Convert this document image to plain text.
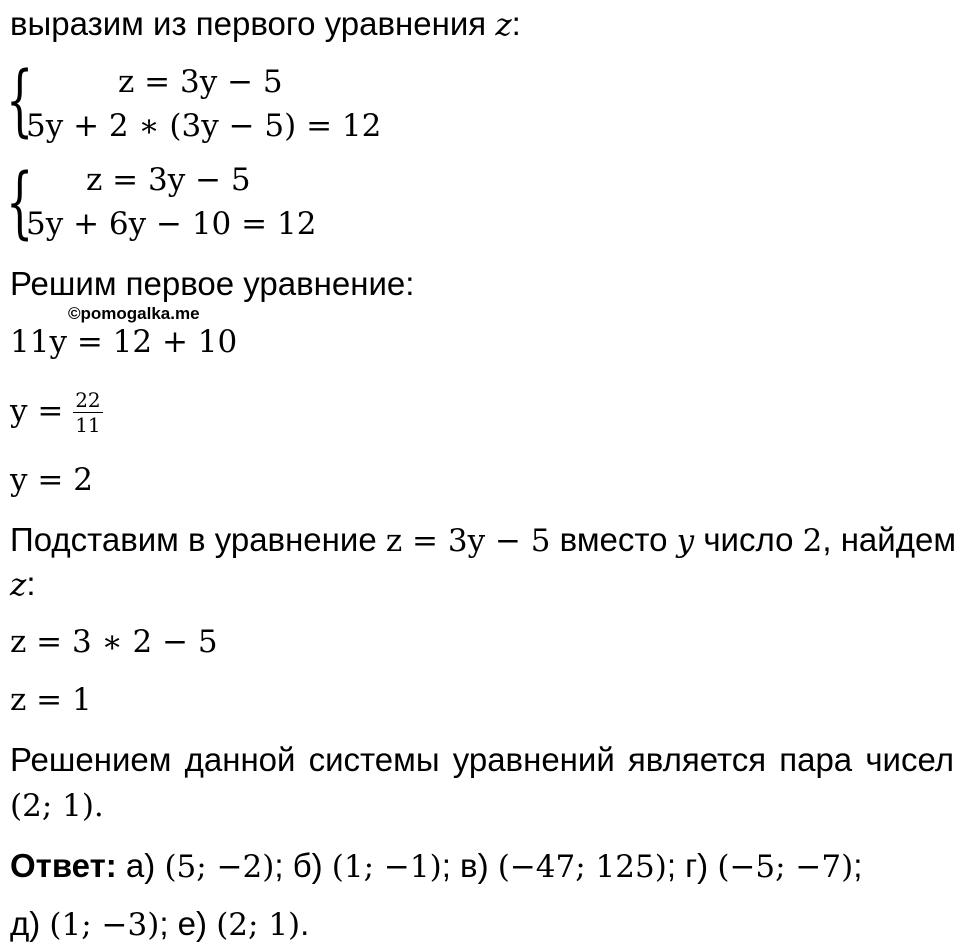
выразим из первого уравнения z:
{	z = 3y − 5
5y + 2 ∗ (3y − 5) = 12
{ z = 3y − 5
5y + 6y − 10 = 12
Решим первое уравнение:
©pomogalka.me
11y = 12 + 10
$y = \frac{22}{11}$
y = 2
Подставим в уравнение z = 3y − 5 вместо y число 2, найдем
z:
z = 3 ∗ 2 − 5
z = 1
Решением данной системы уравнений является пара чисел
(2; 1).
Ответ: а) (5; −2); б) (1; −1); в) (−47; 125); г) (−5; −7);
д) (1; −3); е) (2; 1).
